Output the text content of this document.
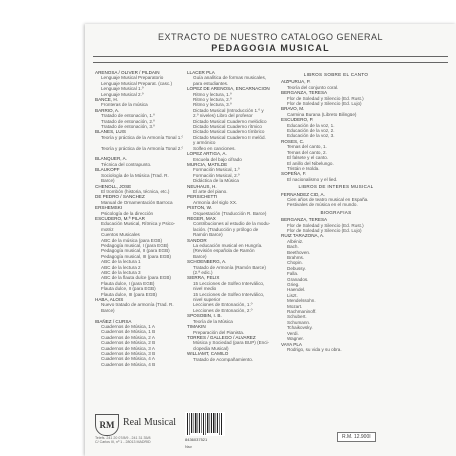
EXTRACTO DE NUESTRO CATALOGO GENERAL
PEDAGOGIA MUSICAL
ARENOSA / OLIVER / PILDAIN
Lenguaje Musical Preparatorio
Lenguaje Musical Preparat. (casc.)
Lenguaje Musical 1.º
Lenguaje Musical 2.º
BANCE, H.
Fronteras de la música
BARRIO, A.
Tratado de entonación, 1.º
Tratado de entonación, 2.º
Tratado de entonación, 3.º
BLANES, LUIS
Teoría y práctica de la Armonía Tonal 1.º
Teoría y práctica de la Armonía Tonal 2.º
BLANQUER, A.
Técnica del contrapunto.
BLAUKOPF
Sociología de la Música (Trad. R.
Barce)
CHENOLL, JOSE
El trombón (historia, técnica, etc.)
DE PEDRO / SANCHEZ
Manual de Ornamentación Barroca
ERSHEMSKI
Psicología de la dirección
ESCUDERO, M.ª PILAR
Educación Musical, Rítmica y Psico-
motriz
Cuentos Musicales
ABC de la música (para EGB)
Pedagogía musical, I (para EGB)
Pedagogía musical, II (para EGB)
Pedagogía musical, III (para EGB)
ABC de la lectura 1
ABC de la lectura 2
ABC de la lectura 3
ABC de la flauta dulce (para EGB)
Flauta dulce, I (para EGB)
Flauta dulce, II (para EGB)
Flauta dulce, III (para EGB)
HABA, ALOIS
Nuevo tratado de armonía (Trad. R.
Barce)
IBAÑEZ / CURSA
Cuadernos de Música, 1 A
Cuadernos de Música, 1 B
Cuadernos de Música, 2 A
Cuadernos de Música, 2 B
Cuadernos de Música, 3 A
Cuadernos de Música, 3 B
Cuadernos de Música, 4 A
Cuadernos de Música, 4 B
LLACER PLA
Guía analítica de formas musicales,
para estudiantes.
LOPEZ DE ARENOSA, ENCARNACION
Ritmo y lectura, 1.º
Ritmo y lectura, 2.º
Ritmo y lectura, 3.º
Dictado Musical (Introducción 1.º y
2.º niveles) Libro del profesor
Dictado Musical Cuaderno melódico
Dictado Musical Cuaderno rítmico
Dictado Musical Cuaderno tímbrico
Dictado Musical Cuaderno II melód.
y armónico
Solfeo en canciones.
LOPEZ ARTIGA, A.
Escuela del bajo cifrado
MURCIA, MATILDE
Formación Musical, 1.º
Formación Musical, 2.º
Didáctica de la Música
NEUHAUS, H.
El arte del piano.
PERSICHETTI
Armonía del siglo XX.
PISTON, W.
Orquestación (Traducción R. Barce)
REGER, MAX
Contribuciones al estudio de la modu-
lación. (Traducción y prólogo de
Ramón Barce)
SANDOR
La educación musical en Hungría.
(Revisión española de Ramón
Barce)
SCHOENBERG, A.
Tratado de Armonía (Ramón Barce)
(2.ª edic.)
SIERRA, FELIX
15 Lecciones de Solfeo Interválico,
nivel medio
15 Lecciones de Solfeo Interválico,
nivel superior
Lecciones de Entonación, 1.º
Lecciones de Entonación, 2.º
SPOSOBIN, I. B.
Teoría de la Música
TIMAKIN
Preparación del Pianista.
TORRES / GALLEGO / ALVAREZ
Música y Sociedad (para BUP) (Enci-
clopedia Musical)
WILLIAMT, CAMILO
Tratado de Acompañamiento.
LIBROS SOBRE EL CANTO
AIZPURUA, P.
Teoría del conjunto coral.
BERGANZA, TERESA
Flor de Soledad y Silencio (Ed. Rust.)
Flor de Soledad y Silencio (Ed. Lujo)
BRAVO, M.
Carmina Burana (Libreto Bilingüe)
ESCUDERO, P.
Educación de la voz, 1.
Educación de la voz, 2.
Educación de la voz, 3.
ROSES, C.
Temas del canto, 1.
Temas del canto, 2.
El falsete y el canto.
El anillo del Nibelungo.
Tristán e Isolda.
SOPEÑA, F.
El nacionalismo y el lied.
LIBROS DE INTERES MUSICAL
FERNANDEZ CID, A.
Cien años de teatro musical en España.
Festivales de música en el mundo.
BIOGRAFIAS
BERGANZA, TERESA
Flor de Soledad y Silencio (Ed. Rust.)
Flor de Soledad y Silencio (Ed. Lujo)
RUIZ TARAZONA, A.
Albéniz.
Bach.
Beethoven.
Brahms.
Chopin.
Debussy.
Falla.
Granados.
Grieg.
Haendel.
Liszt.
Mendelssohn.
Mozart.
Rachmaninoff.
Schubert.
Schumann.
Tchaikovsky.
Verdi.
Wagner.
VAYA PLA
Rodrigo, su vida y su obra.
RM Real Musical
Telefs. 241 20 07/8/9 - 241 31 35/8
C/ Carlos III, nº 1 - 28013 MADRID
8436037521
Nsv
R.M. 12.900I
